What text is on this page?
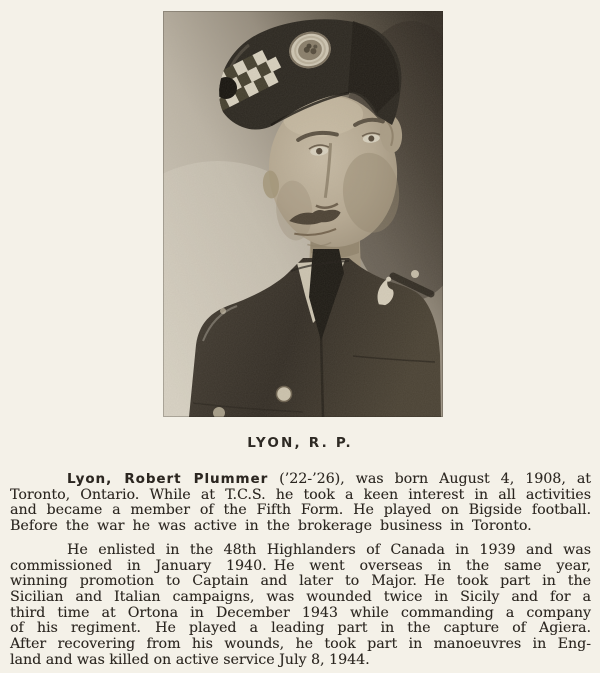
LYON, R. P.
Lyon, Robert Plummer (’22-’26), was born August 4, 1908, at
Toronto, Ontario. While at T.C.S. he took a keen interest in all activities
and became a member of the Fifth Form. He played on Bigside football.
Before the war he was active in the brokerage business in Toronto.
He enlisted in the 48th Highlanders of Canada in 1939 and was
commissioned in January 1940. He went overseas in the same year,
winning promotion to Captain and later to Major. He took part in the
Sicilian and Italian campaigns, was wounded twice in Sicily and for a
third time at Ortona in December 1943 while commanding a company
of his regiment.  He played a leading part in the capture of Agiera.
After recovering from his wounds, he took part in manoeuvres in Eng-
land and was killed on active service July 8, 1944.
